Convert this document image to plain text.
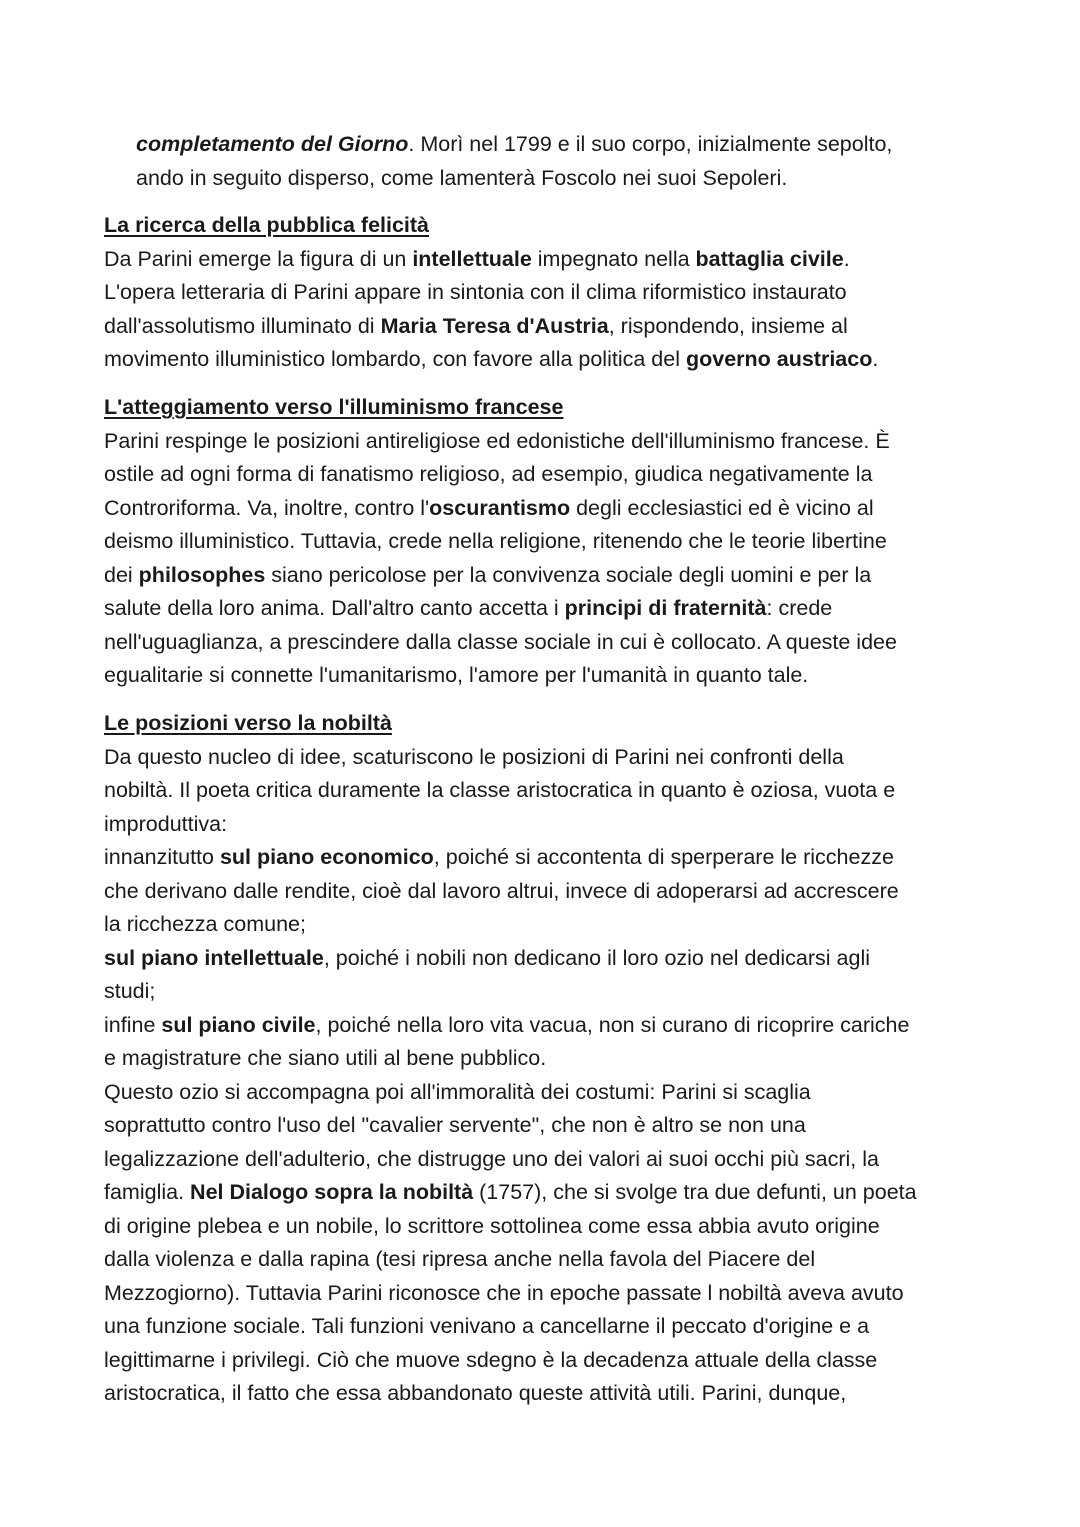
completamento del Giorno. Morì nel 1799 e il suo corpo, inizialmente sepolto,

ando in seguito disperso, come lamenterà Foscolo nei suoi Sepoleri.

La ricerca della pubblica felicità

Da Parini emerge la figura di un intellettuale impegnato nella battaglia civile.

L'opera letteraria di Parini appare in sintonia con il clima riformistico instaurato

dall'assolutismo illuminato di Maria Teresa d'Austria, rispondendo, insieme al

movimento illuministico lombardo, con favore alla politica del governo austriaco.

L'atteggiamento verso l'illuminismo francese

Parini respinge le posizioni antireligiose ed edonistiche dell'illuminismo francese. È

ostile ad ogni forma di fanatismo religioso, ad esempio, giudica negativamente la

Controriforma. Va, inoltre, contro l'oscurantismo degli ecclesiastici ed è vicino al

deismo illuministico. Tuttavia, crede nella religione, ritenendo che le teorie libertine

dei philosophes siano pericolose per la convivenza sociale degli uomini e per la

salute della loro anima. Dall'altro canto accetta i principi di fraternità: crede

nell'uguaglianza, a prescindere dalla classe sociale in cui è collocato. A queste idee

egualitarie si connette l'umanitarismo, l'amore per l'umanità in quanto tale.

Le posizioni verso la nobiltà

Da questo nucleo di idee, scaturiscono le posizioni di Parini nei confronti della

nobiltà. Il poeta critica duramente la classe aristocratica in quanto è oziosa, vuota e

improduttiva:

innanzitutto sul piano economico, poiché si accontenta di sperperare le ricchezze

che derivano dalle rendite, cioè dal lavoro altrui, invece di adoperarsi ad accrescere

la ricchezza comune;

sul piano intellettuale, poiché i nobili non dedicano il loro ozio nel dedicarsi agli

studi;

infine sul piano civile, poiché nella loro vita vacua, non si curano di ricoprire cariche

e magistrature che siano utili al bene pubblico.

Questo ozio si accompagna poi all'immoralità dei costumi: Parini si scaglia

soprattutto contro l'uso del "cavalier servente", che non è altro se non una

legalizzazione dell'adulterio, che distrugge uno dei valori ai suoi occhi più sacri, la

famiglia. Nel Dialogo sopra la nobiltà (1757), che si svolge tra due defunti, un poeta

di origine plebea e un nobile, lo scrittore sottolinea come essa abbia avuto origine

dalla violenza e dalla rapina (tesi ripresa anche nella favola del Piacere del

Mezzogiorno). Tuttavia Parini riconosce che in epoche passate l nobiltà aveva avuto

una funzione sociale. Tali funzioni venivano a cancellarne il peccato d'origine e a

legittimarne i privilegi. Ciò che muove sdegno è la decadenza attuale della classe

aristocratica, il fatto che essa abbandonato queste attività utili. Parini, dunque,
